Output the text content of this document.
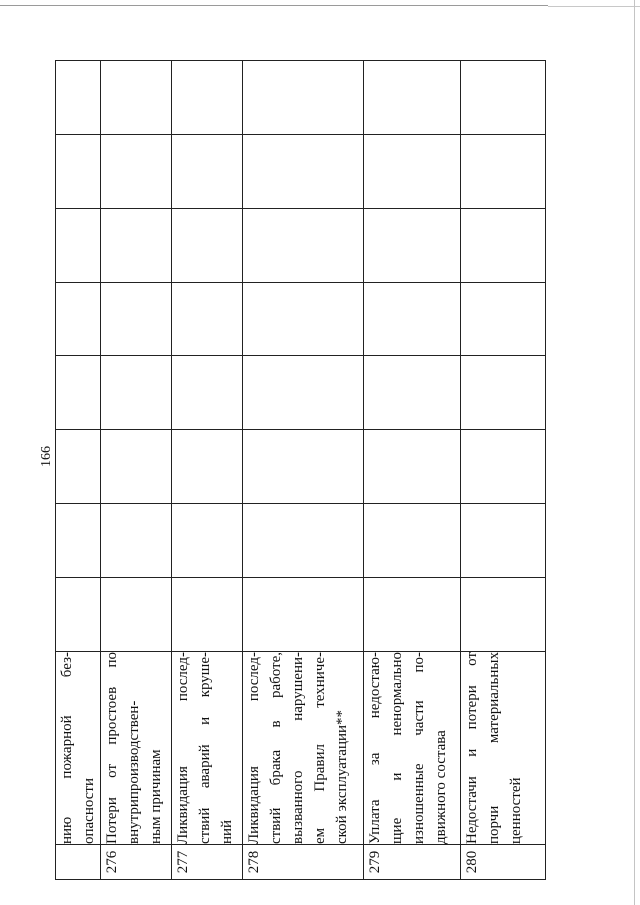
166

	нию пожарной без- опасности								

276	Потери от простоев по внутрипроизводствен- ным причинам								

277	Ликвидация послед- ствий аварий и круше- ний								

278	Ликвидация послед- ствий брака в работе, вызванного нарушени- ем Правил техниче- ской эксплуатации**								

279	Уплата за недостаю- щие и ненормально изношенные части по- движного состава								

280	Недостачи и потери от порчи материальных ценностей								
